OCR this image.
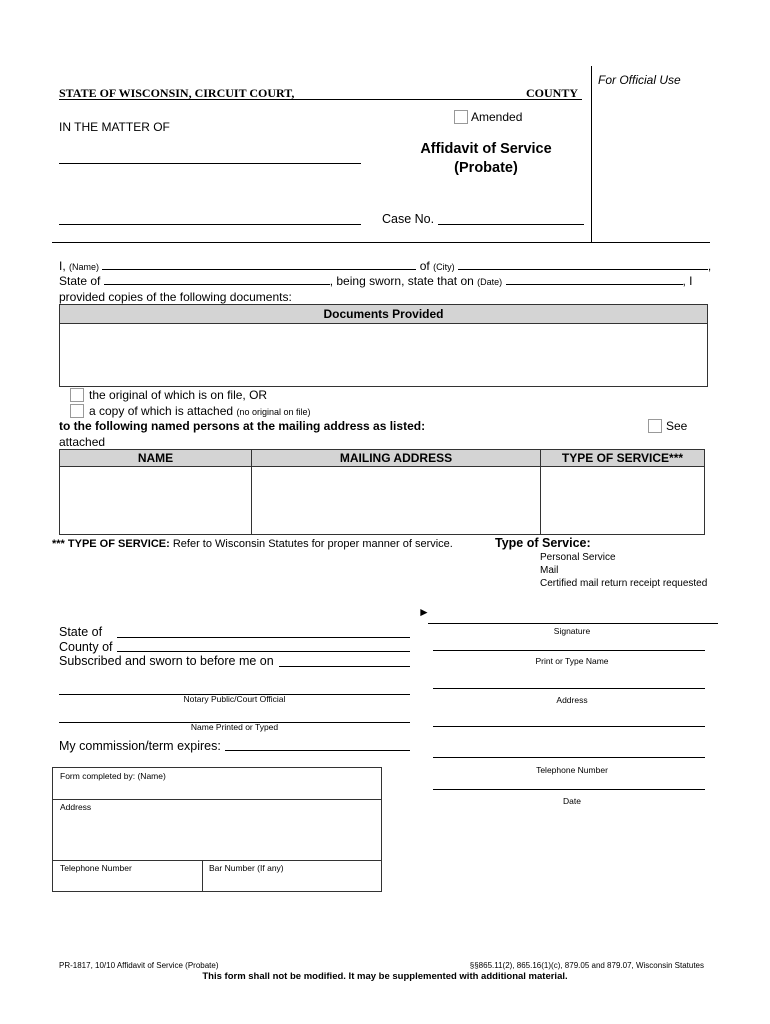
For Official Use
STATE OF WISCONSIN, CIRCUIT COURT,	COUNTY
Amended
IN THE MATTER OF
Affidavit of Service
(Probate)
Case No.
I, (Name)	of (City)	,
State of	, being sworn, state that on (Date)	, I
provided copies of the following documents:
Documents Provided
the original of which is on file, OR
a copy of which is attached (no original on file)
to the following named persons at the mailing address as listed:	See
attached
NAME	MAILING ADDRESS	TYPE OF SERVICE***
*** TYPE OF SERVICE: Refer to Wisconsin Statutes for proper manner of service.	Type of Service:
Personal Service
Mail
Certified mail return receipt requested
State of
County of
Subscribed and sworn to before me on
Notary Public/Court Official
Name Printed or Typed
My commission/term expires:
►
Signature
Print or Type Name
Address
Telephone Number
Date
Form completed by: (Name)
Address
Telephone Number	Bar Number (If any)
PR-1817, 10/10 Affidavit of Service (Probate)	§§865.11(2), 865.16(1)(c), 879.05 and 879.07, Wisconsin Statutes
This form shall not be modified. It may be supplemented with additional material.
